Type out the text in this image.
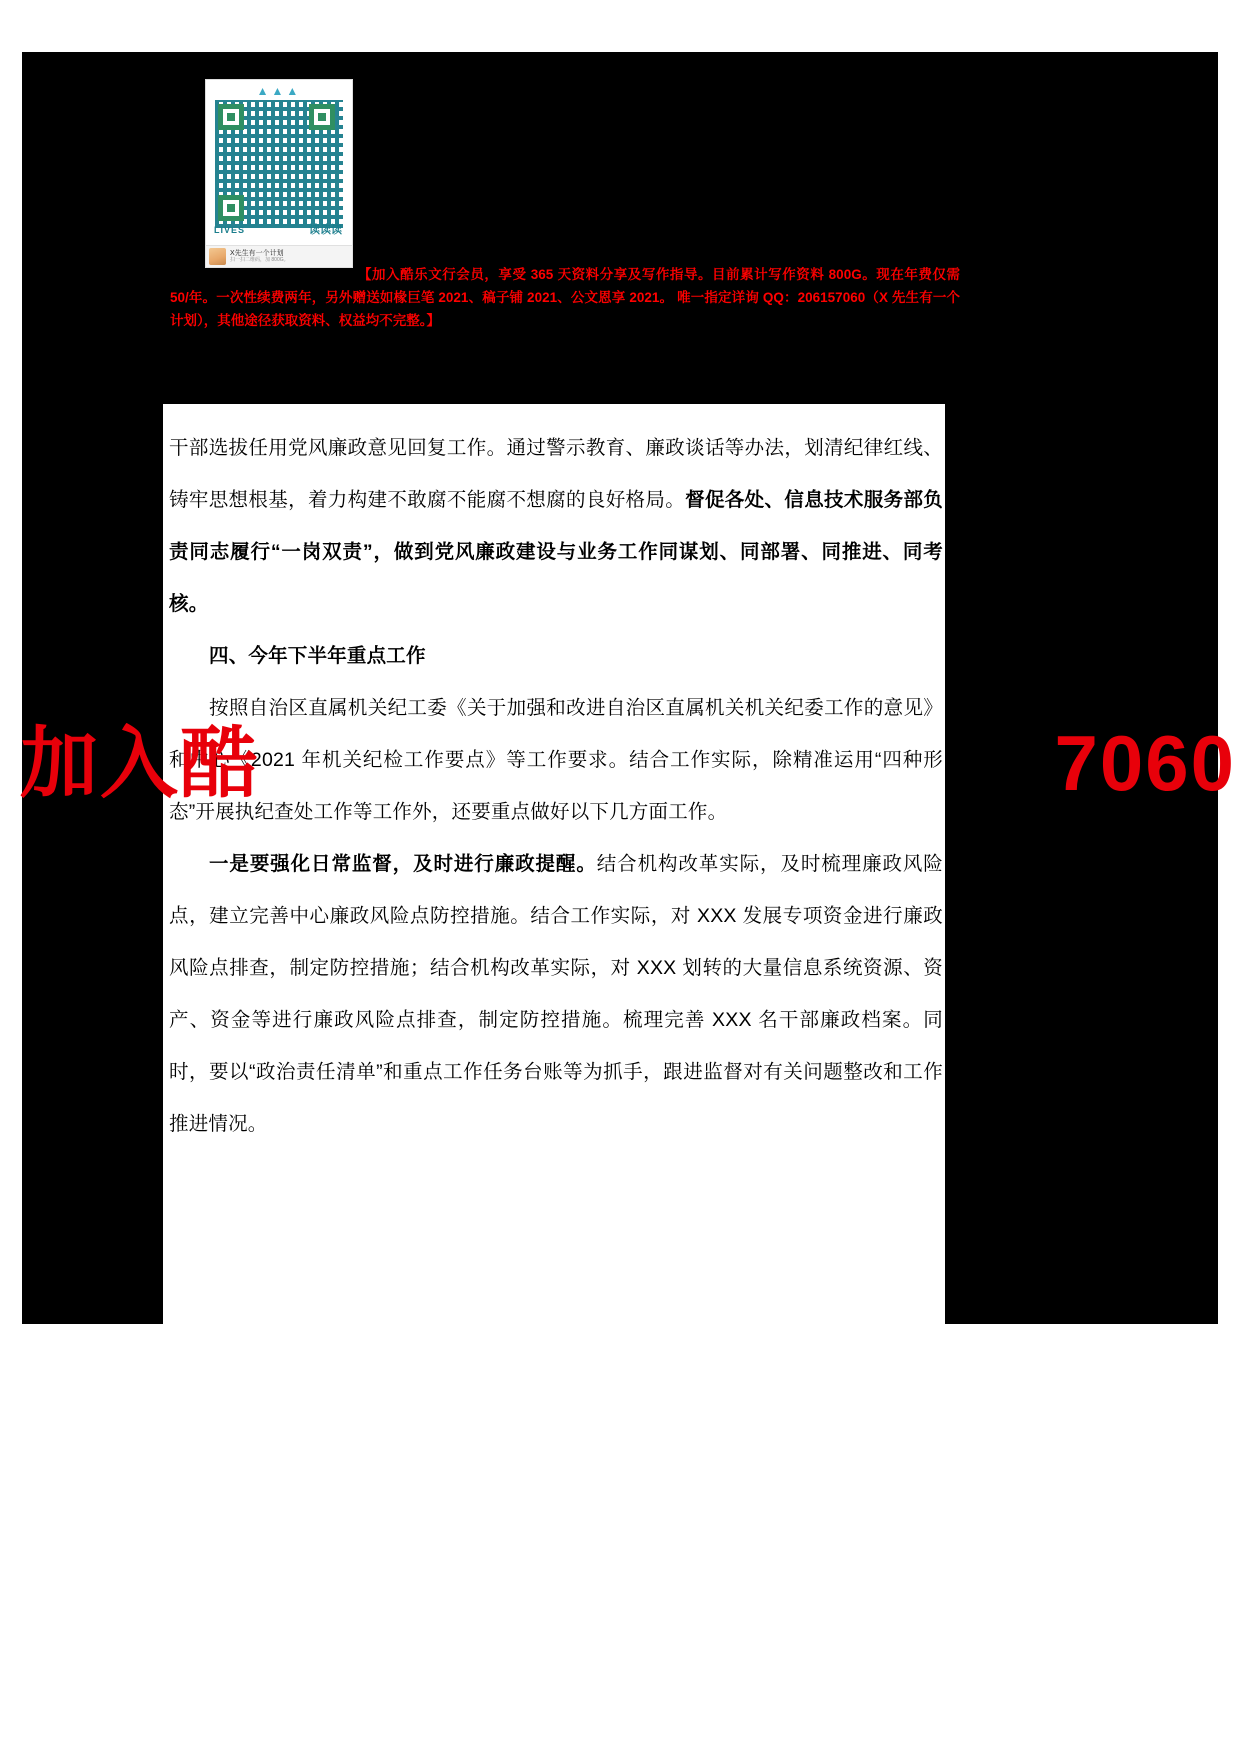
▲▲▲
LIVES	读读读
X先生有一个计划
扫一扫二维码，加 800G。
【加入酷乐文行会员，享受 365 天资料分享及写作指导。目前累计写作资料 800G。现在年费仅需 50/年。一次性续费两年，另外赠送如椽巨笔 2021、稿子铺 2021、公文恩享 2021。 唯一指定详询 QQ：206157060（X 先生有一个计划），其他途径获取资料、权益均不完整。】
干部选拔任用党风廉政意见回复工作。通过警示教育、廉政谈话等办法，划清纪律红线、铸牢思想根基，着力构建不敢腐不能腐不想腐的良好格局。督促各处、信息技术服务部负责同志履行“一岗双责”，做到党风廉政建设与业务工作同谋划、同部署、同推进、同考核。
四、今年下半年重点工作
按照自治区直属机关纪工委《关于加强和改进自治区直属机关机关纪委工作的意见》和中心《2021 年机关纪检工作要点》等工作要求。结合工作实际，除精准运用“四种形态”开展执纪查处工作等工作外，还要重点做好以下几方面工作。
一是要强化日常监督，及时进行廉政提醒。结合机构改革实际，及时梳理廉政风险点，建立完善中心廉政风险点防控措施。结合工作实际，对 XXX 发展专项资金进行廉政风险点排查，制定防控措施；结合机构改革实际，对 XXX 划转的大量信息系统资源、资产、资金等进行廉政风险点排查，制定防控措施。梳理完善 XXX 名干部廉政档案。同时，要以“政治责任清单”和重点工作任务台账等为抓手，跟进监督对有关问题整改和工作推进情况。
加入酷	7060
